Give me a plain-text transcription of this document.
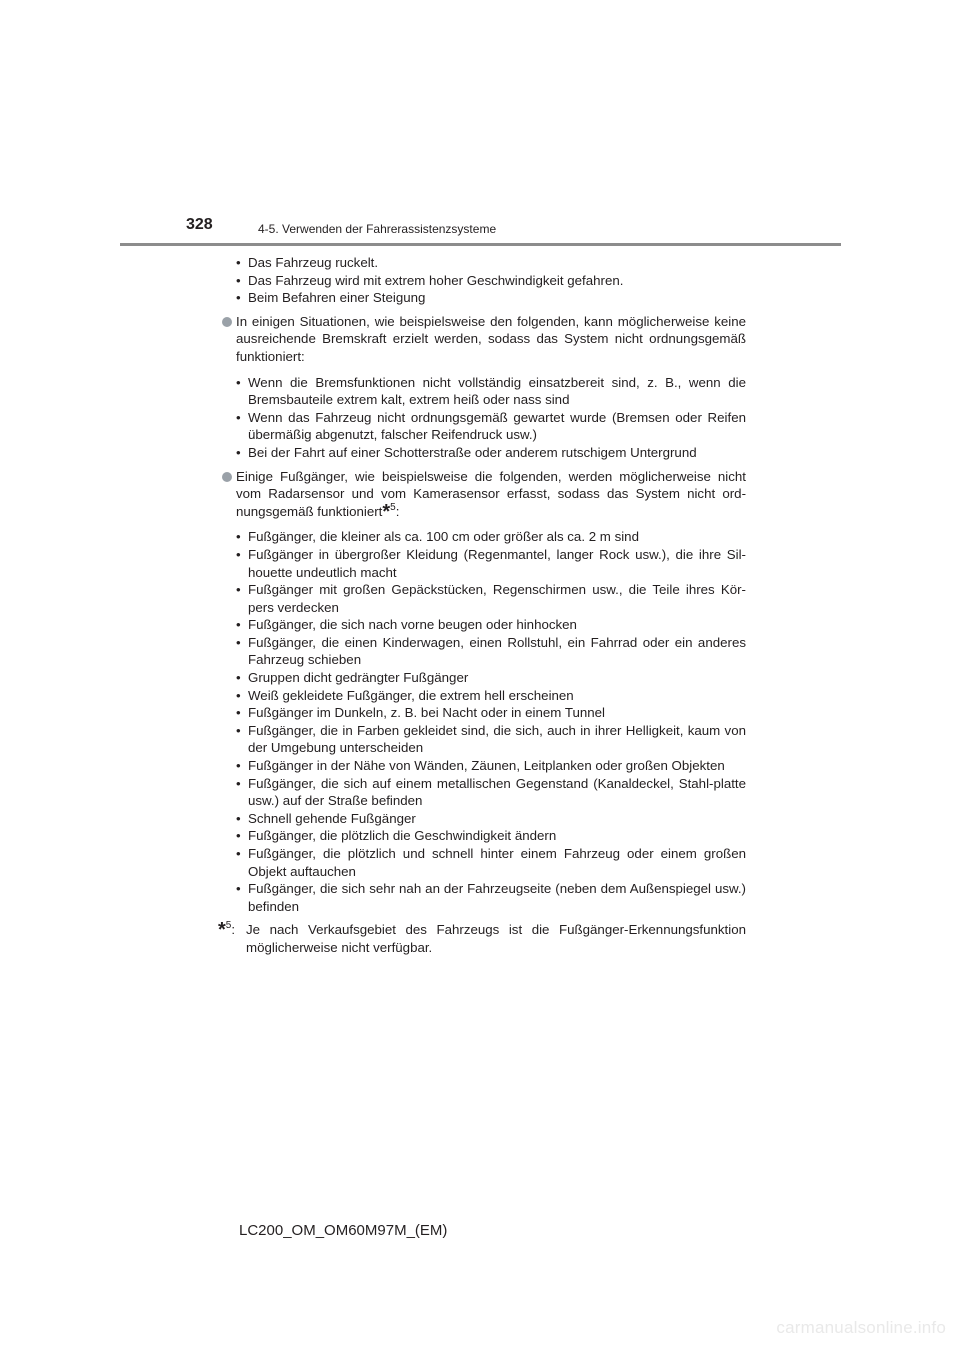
328	4-5. Verwenden der Fahrerassistenzsysteme
• Das Fahrzeug ruckelt.
• Das Fahrzeug wird mit extrem hoher Geschwindigkeit gefahren.
• Beim Befahren einer Steigung
In einigen Situationen, wie beispielsweise den folgenden, kann möglicherweise keine ausreichende Bremskraft erzielt werden, sodass das System nicht ordnungsgemäß funktioniert:
• Wenn die Bremsfunktionen nicht vollständig einsatzbereit sind, z. B., wenn die Bremsbauteile extrem kalt, extrem heiß oder nass sind
• Wenn das Fahrzeug nicht ordnungsgemäß gewartet wurde (Bremsen oder Reifen übermäßig abgenutzt, falscher Reifendruck usw.)
• Bei der Fahrt auf einer Schotterstraße oder anderem rutschigem Untergrund
Einige Fußgänger, wie beispielsweise die folgenden, werden möglicherweise nicht vom Radarsensor und vom Kamerasensor erfasst, sodass das System nicht ord-nungsgemäß funktioniert*$^5$:
• Fußgänger, die kleiner als ca. 100 cm oder größer als ca. 2 m sind
• Fußgänger in übergroßer Kleidung (Regenmantel, langer Rock usw.), die ihre Sil-houette undeutlich macht
• Fußgänger mit großen Gepäckstücken, Regenschirmen usw., die Teile ihres Kör-pers verdecken
• Fußgänger, die sich nach vorne beugen oder hinhocken
• Fußgänger, die einen Kinderwagen, einen Rollstuhl, ein Fahrrad oder ein anderes Fahrzeug schieben
• Gruppen dicht gedrängter Fußgänger
• Weiß gekleidete Fußgänger, die extrem hell erscheinen
• Fußgänger im Dunkeln, z. B. bei Nacht oder in einem Tunnel
• Fußgänger, die in Farben gekleidet sind, die sich, auch in ihrer Helligkeit, kaum von der Umgebung unterscheiden
• Fußgänger in der Nähe von Wänden, Zäunen, Leitplanken oder großen Objekten
• Fußgänger, die sich auf einem metallischen Gegenstand (Kanaldeckel, Stahl-platte usw.) auf der Straße befinden
• Schnell gehende Fußgänger
• Fußgänger, die plötzlich die Geschwindigkeit ändern
• Fußgänger, die plötzlich und schnell hinter einem Fahrzeug oder einem großen Objekt auftauchen
• Fußgänger, die sich sehr nah an der Fahrzeugseite (neben dem Außenspiegel usw.) befinden
*$^5$: Je nach Verkaufsgebiet des Fahrzeugs ist die Fußgänger-Erkennungsfunktion möglicherweise nicht verfügbar.
LC200_OM_OM60M97M_(EM)
carmanualsonline.info
